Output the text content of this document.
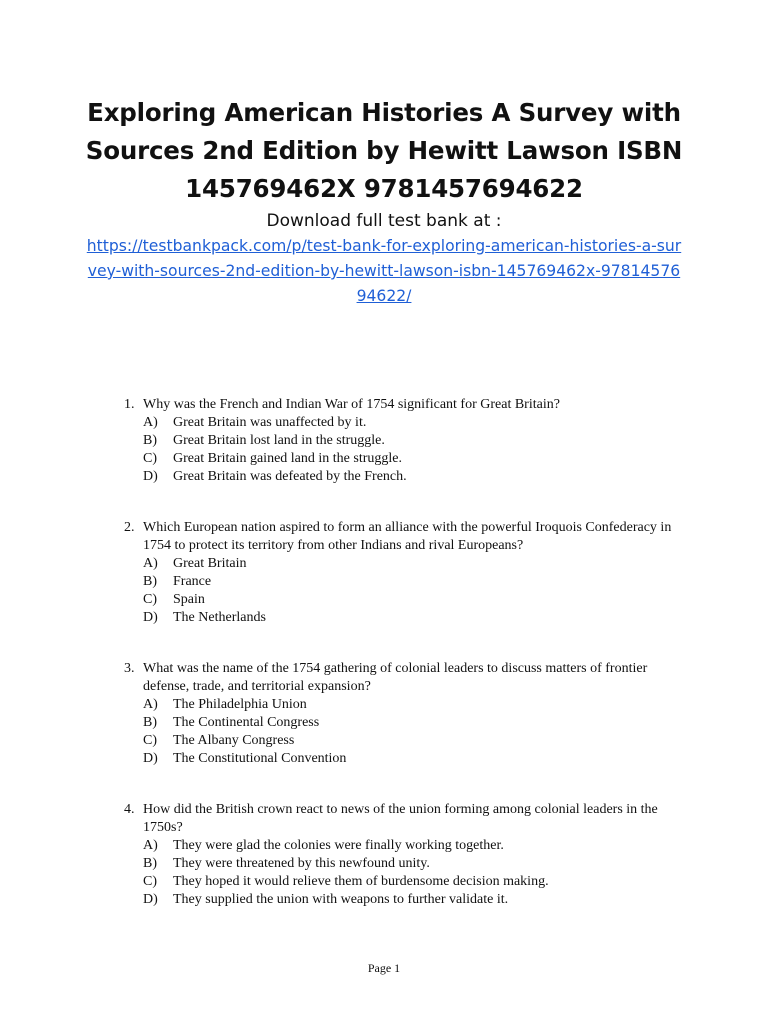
Exploring American Histories A Survey with

Sources 2nd Edition by Hewitt Lawson ISBN

145769462X 9781457694622

Download full test bank at :

https://testbankpack.com/p/test-bank-for-exploring-american-histories-a-survey-with-sources-2nd-edition-by-hewitt-lawson-isbn-145769462x-9781457694622/
1. Why was the French and Indian War of 1754 significant for Great Britain?
A)	Great Britain was unaffected by it.
B)	Great Britain lost land in the struggle.
C)	Great Britain gained land in the struggle.
D)	Great Britain was defeated by the French.
2. Which European nation aspired to form an alliance with the powerful Iroquois Confederacy in 1754 to protect its territory from other Indians and rival Europeans?
A)	Great Britain
B)	France
C)	Spain
D)	The Netherlands
3. What was the name of the 1754 gathering of colonial leaders to discuss matters of frontier defense, trade, and territorial expansion?
A)	The Philadelphia Union
B)	The Continental Congress
C)	The Albany Congress
D)	The Constitutional Convention
4. How did the British crown react to news of the union forming among colonial leaders in the 1750s?
A)	They were glad the colonies were finally working together.
B)	They were threatened by this newfound unity.
C)	They hoped it would relieve them of burdensome decision making.
D)	They supplied the union with weapons to further validate it.
Page 1
